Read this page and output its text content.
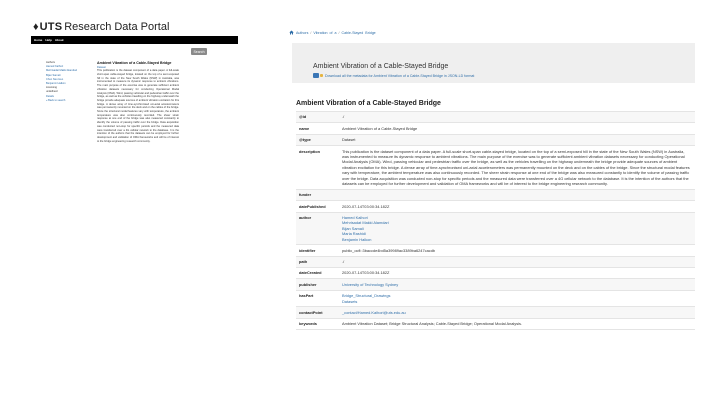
♦ UTS Research Data Portal
Home Help About
Search
Authors
Hamed Kalhori
Mehrisadat Makki Alamdari
Bijan Samali
Chun Neo Heo
Benjamin Halkon
Licensing
undefined
Details
« Back to search
Ambient Vibration of a Cable-Stayed Bridge
Dataset
This publication is the dataset component of a data paper. A full-scale short-span cable-stayed bridge, located on the top of a semi-exposed hill in the state of the New South Wales (NSW) in Australia, was instrumented to measure its dynamic response to ambient vibrations. The main purpose of the exercise was to generate sufficient ambient vibration datasets necessary for conducting Operational Modal Analysis (OMA). Wind, passing vehicular and pedestrian traffic over the bridge, as well as the vehicles travelling on the highway underneath the bridge provide adequate sources of ambient vibration excitation for this bridge. A dense array of time-synchronised uni-axial accelerometers was permanently mounted on the deck and on the cables of the bridge. Since the structural modal features vary with temperature, the ambient temperature was also continuously recorded. The sheer strain response at one end of the bridge was also measured constantly to identify the volume of passing traffic over the bridge. Data acquisition was conducted non-stop for specific periods and the measured data were transferred over a 4G cellular network to the database. It is the intention of the authors that the datasets can be employed for further development and validation of OMA frameworks and will be of interest to the bridge engineering research community.
Authors / Vibration of a / Cable-Stayed Bridge
Ambient Vibration of a Cable-Stayed Bridge
Download all the metadata for Ambient Vibration of a Cable-Stayed Bridge in JSON-LD format
Ambient Vibration of a Cable-Stayed Bridge
@id	./

name	Ambient Vibration of a Cable-Stayed Bridge

@type	Dataset

description	This publication is the dataset component of a data paper. A full-scale short-span cable-stayed bridge, located on the top of a semi-exposed hill in the state of the New South Wales (NSW) in Australia, was instrumented to measure its dynamic response to ambient vibrations. The main purpose of the exercise was to generate sufficient ambient vibration datasets necessary for conducting Operational Modal Analysis (OMA). Wind, passing vehicular and pedestrian traffic over the bridge, as well as the vehicles travelling on the highway underneath the bridge provide adequate sources of ambient vibration excitation for this bridge. A dense array of time-synchronised uni-axial accelerometers was permanently mounted on the deck and on the cables of the bridge. Since the structural modal features vary with temperature, the ambient temperature was also continuously recorded. The sheer strain response at one end of the bridge was also measured constantly to identify the volume of passing traffic over the bridge. Data acquisition was conducted non-stop for specific periods and the measured data were transferred over a 4G cellular network to the database. It is the intention of the authors that the datasets can be employed for further development and validation of OMA frameworks and will be of interest to the bridge engineering research community.

funder	

datePublished	2020-07-14T03:00:34.182Z

author	Hamed Kalhori
Mehrisadat Makki Alamdari
Bijan Samali
Maria Rashidi
Benjamin Halkon

identifier	public_ocfl::3baccde4bd5a39989ac3389ba6247cacdb

path	./

dateCreated	2020-07-14T03:00:34.182Z

publisher	University of Technology Sydney

hasPart	Bridge_Structural_Drawings
Datasets

contactPoint	_contact/Hamed.Kalhori@uts.edu.au

keywords	Ambient Vibration Dataset; Bridge Structural Analysis; Cable-Stayed Bridge; Operational Modal Analysis.
